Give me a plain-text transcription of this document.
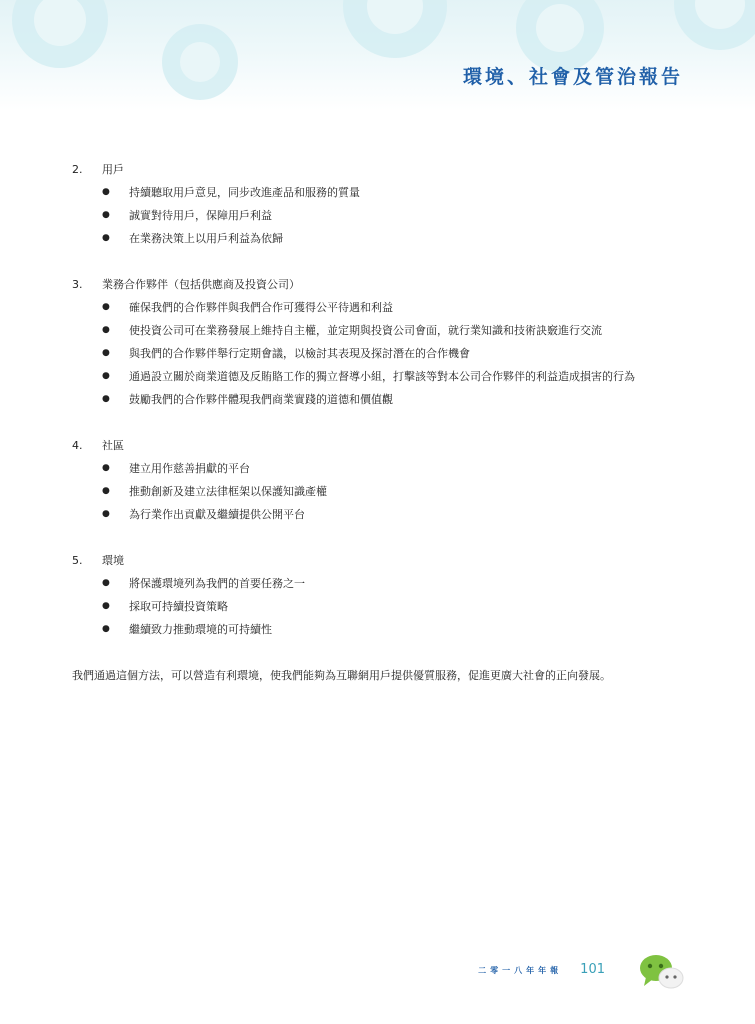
環境、社會及管治報告
2.	用戶
●	持續聽取用戶意見，同步改進產品和服務的質量
●	誠實對待用戶，保障用戶利益
●	在業務決策上以用戶利益為依歸
3.	業務合作夥伴（包括供應商及投資公司）
●	確保我們的合作夥伴與我們合作可獲得公平待遇和利益
●	使投資公司可在業務發展上維持自主權，並定期與投資公司會面，就行業知識和技術訣竅進行交流
●	與我們的合作夥伴舉行定期會議，以檢討其表現及探討潛在的合作機會
●	通過設立關於商業道德及反賄賂工作的獨立督導小組，打擊該等對本公司合作夥伴的利益造成損害的行為
●	鼓勵我們的合作夥伴體現我們商業實踐的道德和價值觀
4.	社區
●	建立用作慈善捐獻的平台
●	推動創新及建立法律框架以保護知識產權
●	為行業作出貢獻及繼續提供公開平台
5.	環境
●	將保護環境列為我們的首要任務之一
●	採取可持續投資策略
●	繼續致力推動環境的可持續性
我們通過這個方法，可以營造有利環境，使我們能夠為互聯網用戶提供優質服務，促進更廣大社會的正向發展。
二零一八年年報 101
